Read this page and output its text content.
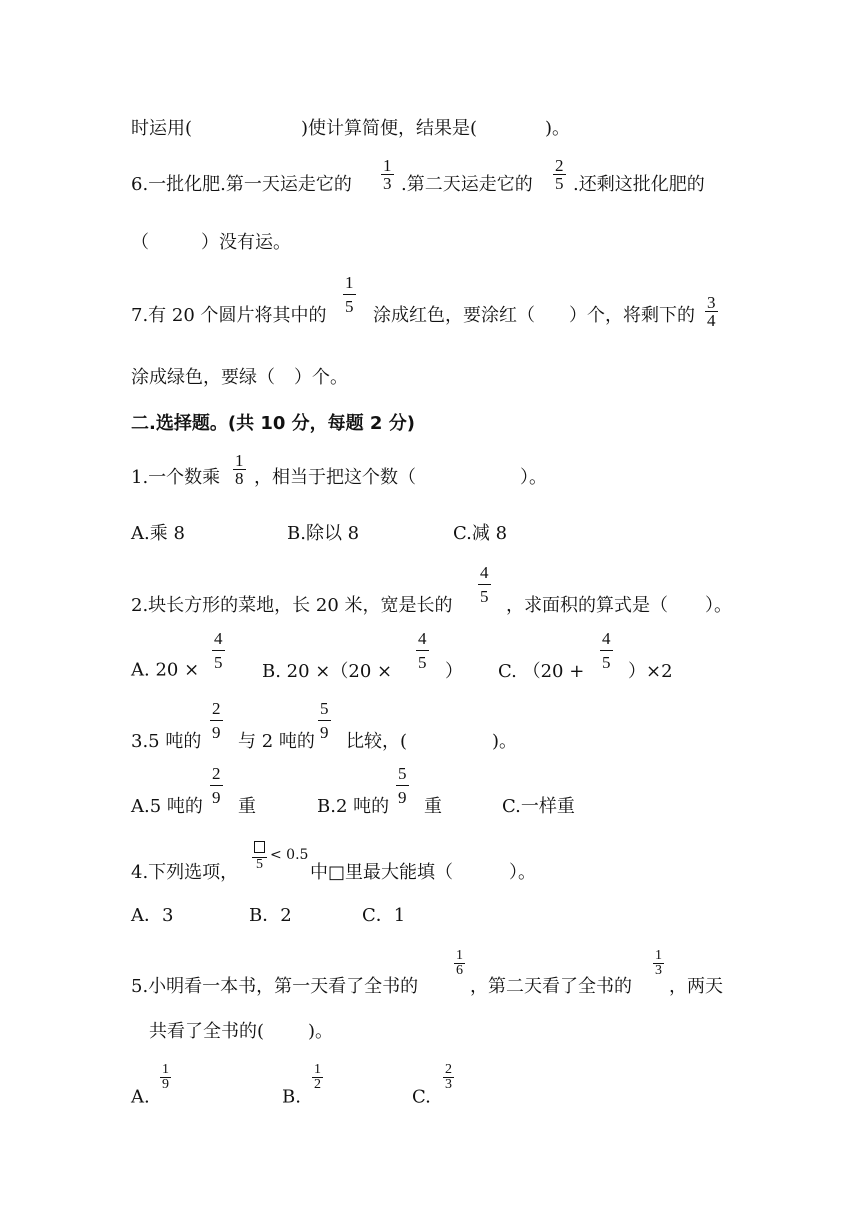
时运用(	)使计算简便，结果是(	)。
6.一批化肥.第一天运走它的 $\frac{1}{3}$ .第二天运走它的 $\frac{2}{5}$ .还剩这批化肥的
（	）没有运。
7.有 20 个圆片将其中的
$\frac{1}{5}$
涂成红色，要涂红（ ）个，将剩下的 $\frac{3}{4}$
涂成绿色，要绿（ ）个。
二.选择题。(共 10 分，每题 2 分)
1.一个数乘 $\frac{1}{8}$ ，相当于把这个数（	）。
A.乘 8	B.除以 8	C.减 8
2.块长方形的菜地，长 20 米，宽是长的
$\frac{4}{5}$
，求面积的算式是（ ）。
A. $20 \times \frac{4}{5}$
B. 20 ×（20 ×
$\frac{4}{5}$
） C. （20 +
$\frac{4}{5}$
）×2
3.5 吨的
$\frac{2}{9}$
与 2 吨的
$\frac{5}{9}$
比较，(	)。
A.5 吨的
$\frac{2}{9}$
重	B.2 吨的
$\frac{5}{9}$
重	C.一样重
4.下列选项， 5
< 0.5
中□里最大能填（	）。
A．3	B．2	C．1
5.小明看一本书，第一天看了全书的
$\frac{1}{6}$
，第二天看了全书的
$\frac{1}{3}$
，两天
共看了全书的( )。
A.
$\frac{1}{9}$
B.
$\frac{1}{2}$
C.
$\frac{2}{3}$
